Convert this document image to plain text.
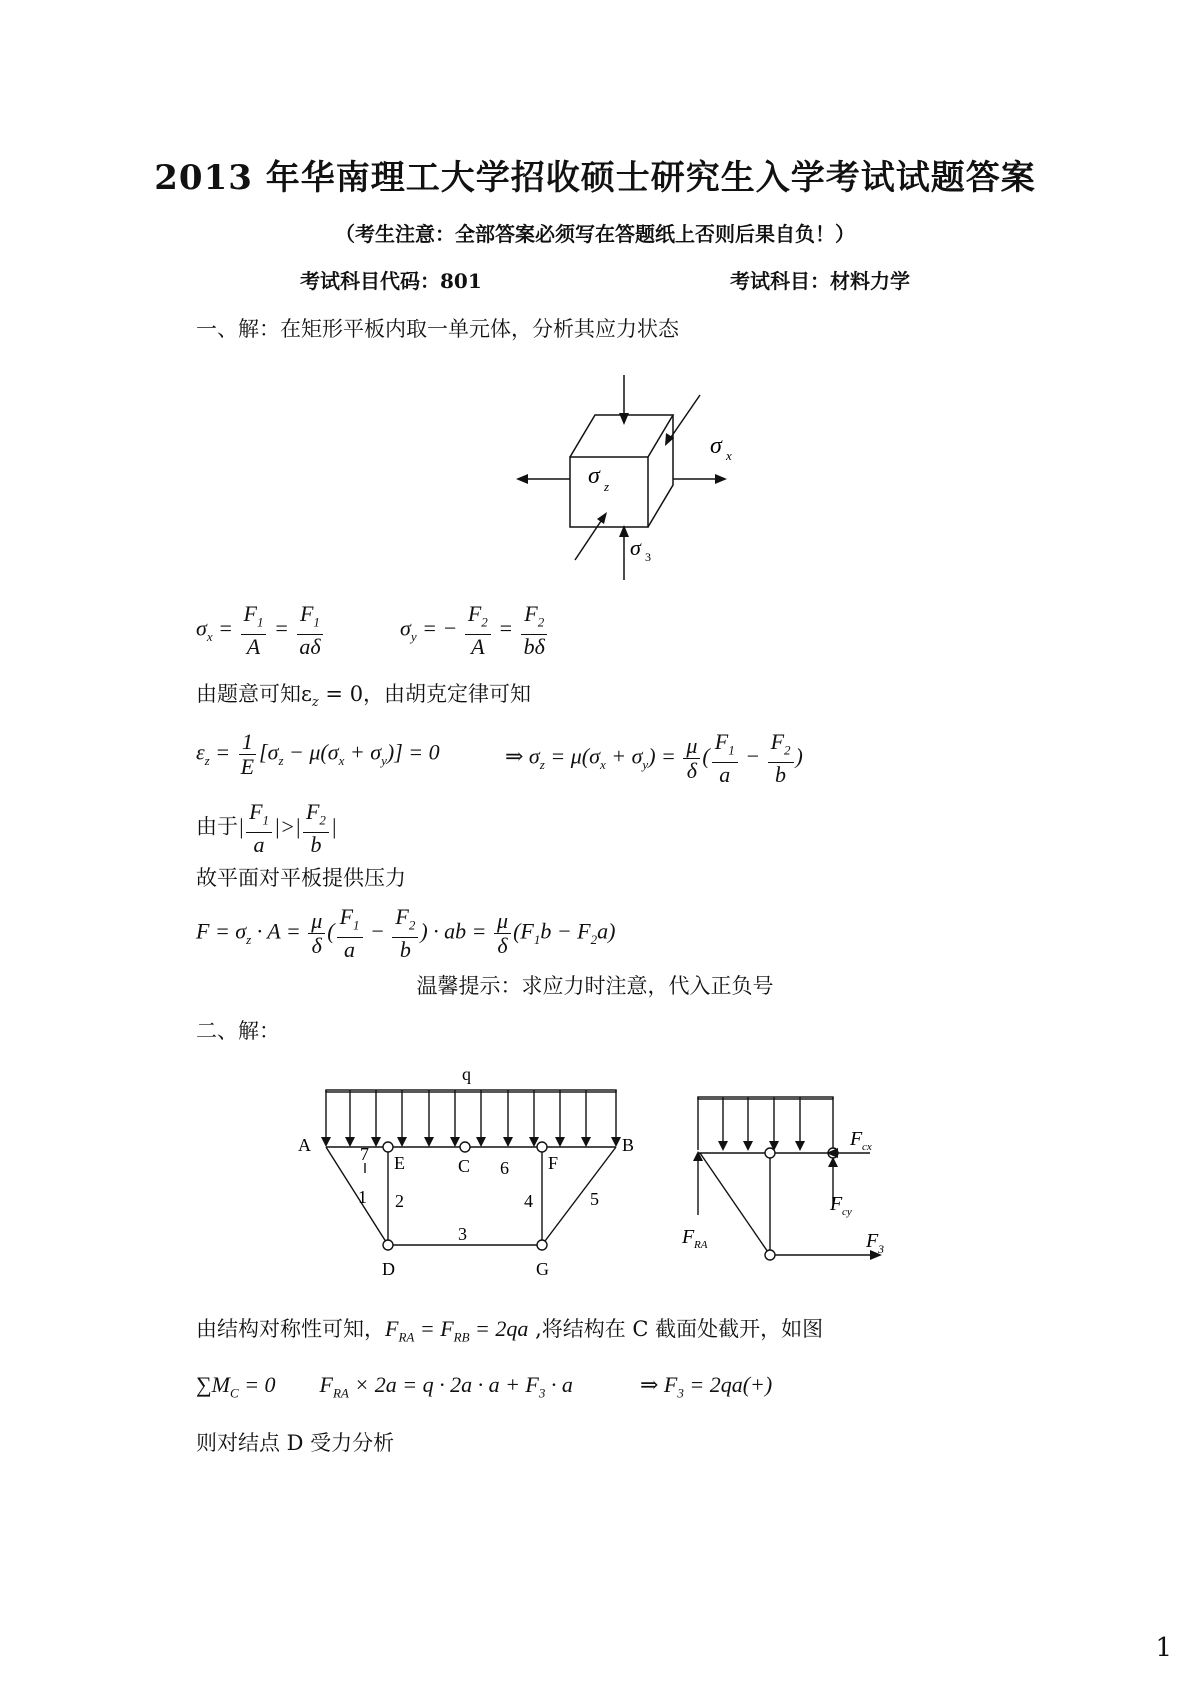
2013 年华南理工大学招收硕士研究生入学考试试题答案
（考生注意：全部答案必须写在答题纸上否则后果自负！）
考试科目代码：801	考试科目：材料力学
一、解：在矩形平板内取一单元体，分析其应力状态
σ x
σ z
σ 3
$\sigma_x = \frac{F_1}{A} = \frac{F_1}{a\delta}$	$\sigma_y$ = − $\frac{F_2}{A} = \frac{F_2}{b\delta}$
由题意可知$\varepsilon_z = 0$，由胡克定律可知
$\varepsilon_z = \frac{1}{E} [\sigma_z - \mu(\sigma_x + \sigma_y)] = 0$	⇒ $\sigma_z = \mu(\sigma_x + \sigma_y) = \frac{\mu}{\delta}$ ( $\frac{F_1}{a} - \frac{F_2}{b}$ )
由于| $\frac{F_1}{a}$ |>| $\frac{F_2}{b}$ |
故平面对平板提供压力
$F = \sigma_z \cdot A = \frac{\mu}{\delta}$ ( $\frac{F_1}{a} - \frac{F_2}{b}$ ) · ab = $\frac{\mu}{\delta} (F_1b - F_2a)$
温馨提示：求应力时注意，代入正负号
二、解：
q
A	B
E	C	F
D	G
7
1 2
3
4	5
6
F cx
F cy
F RA	F 3
由结构对称性可知，$F_{RA} = F_{RB} = 2qa$ ,将结构在 C 截面处截开，如图
$\sum M_C = 0$        $F_{RA} \times 2a = q \cdot 2a \cdot a + F_3 \cdot a$	⇒ $F_3 = 2qa(+)$
则对结点 D 受力分析
1
